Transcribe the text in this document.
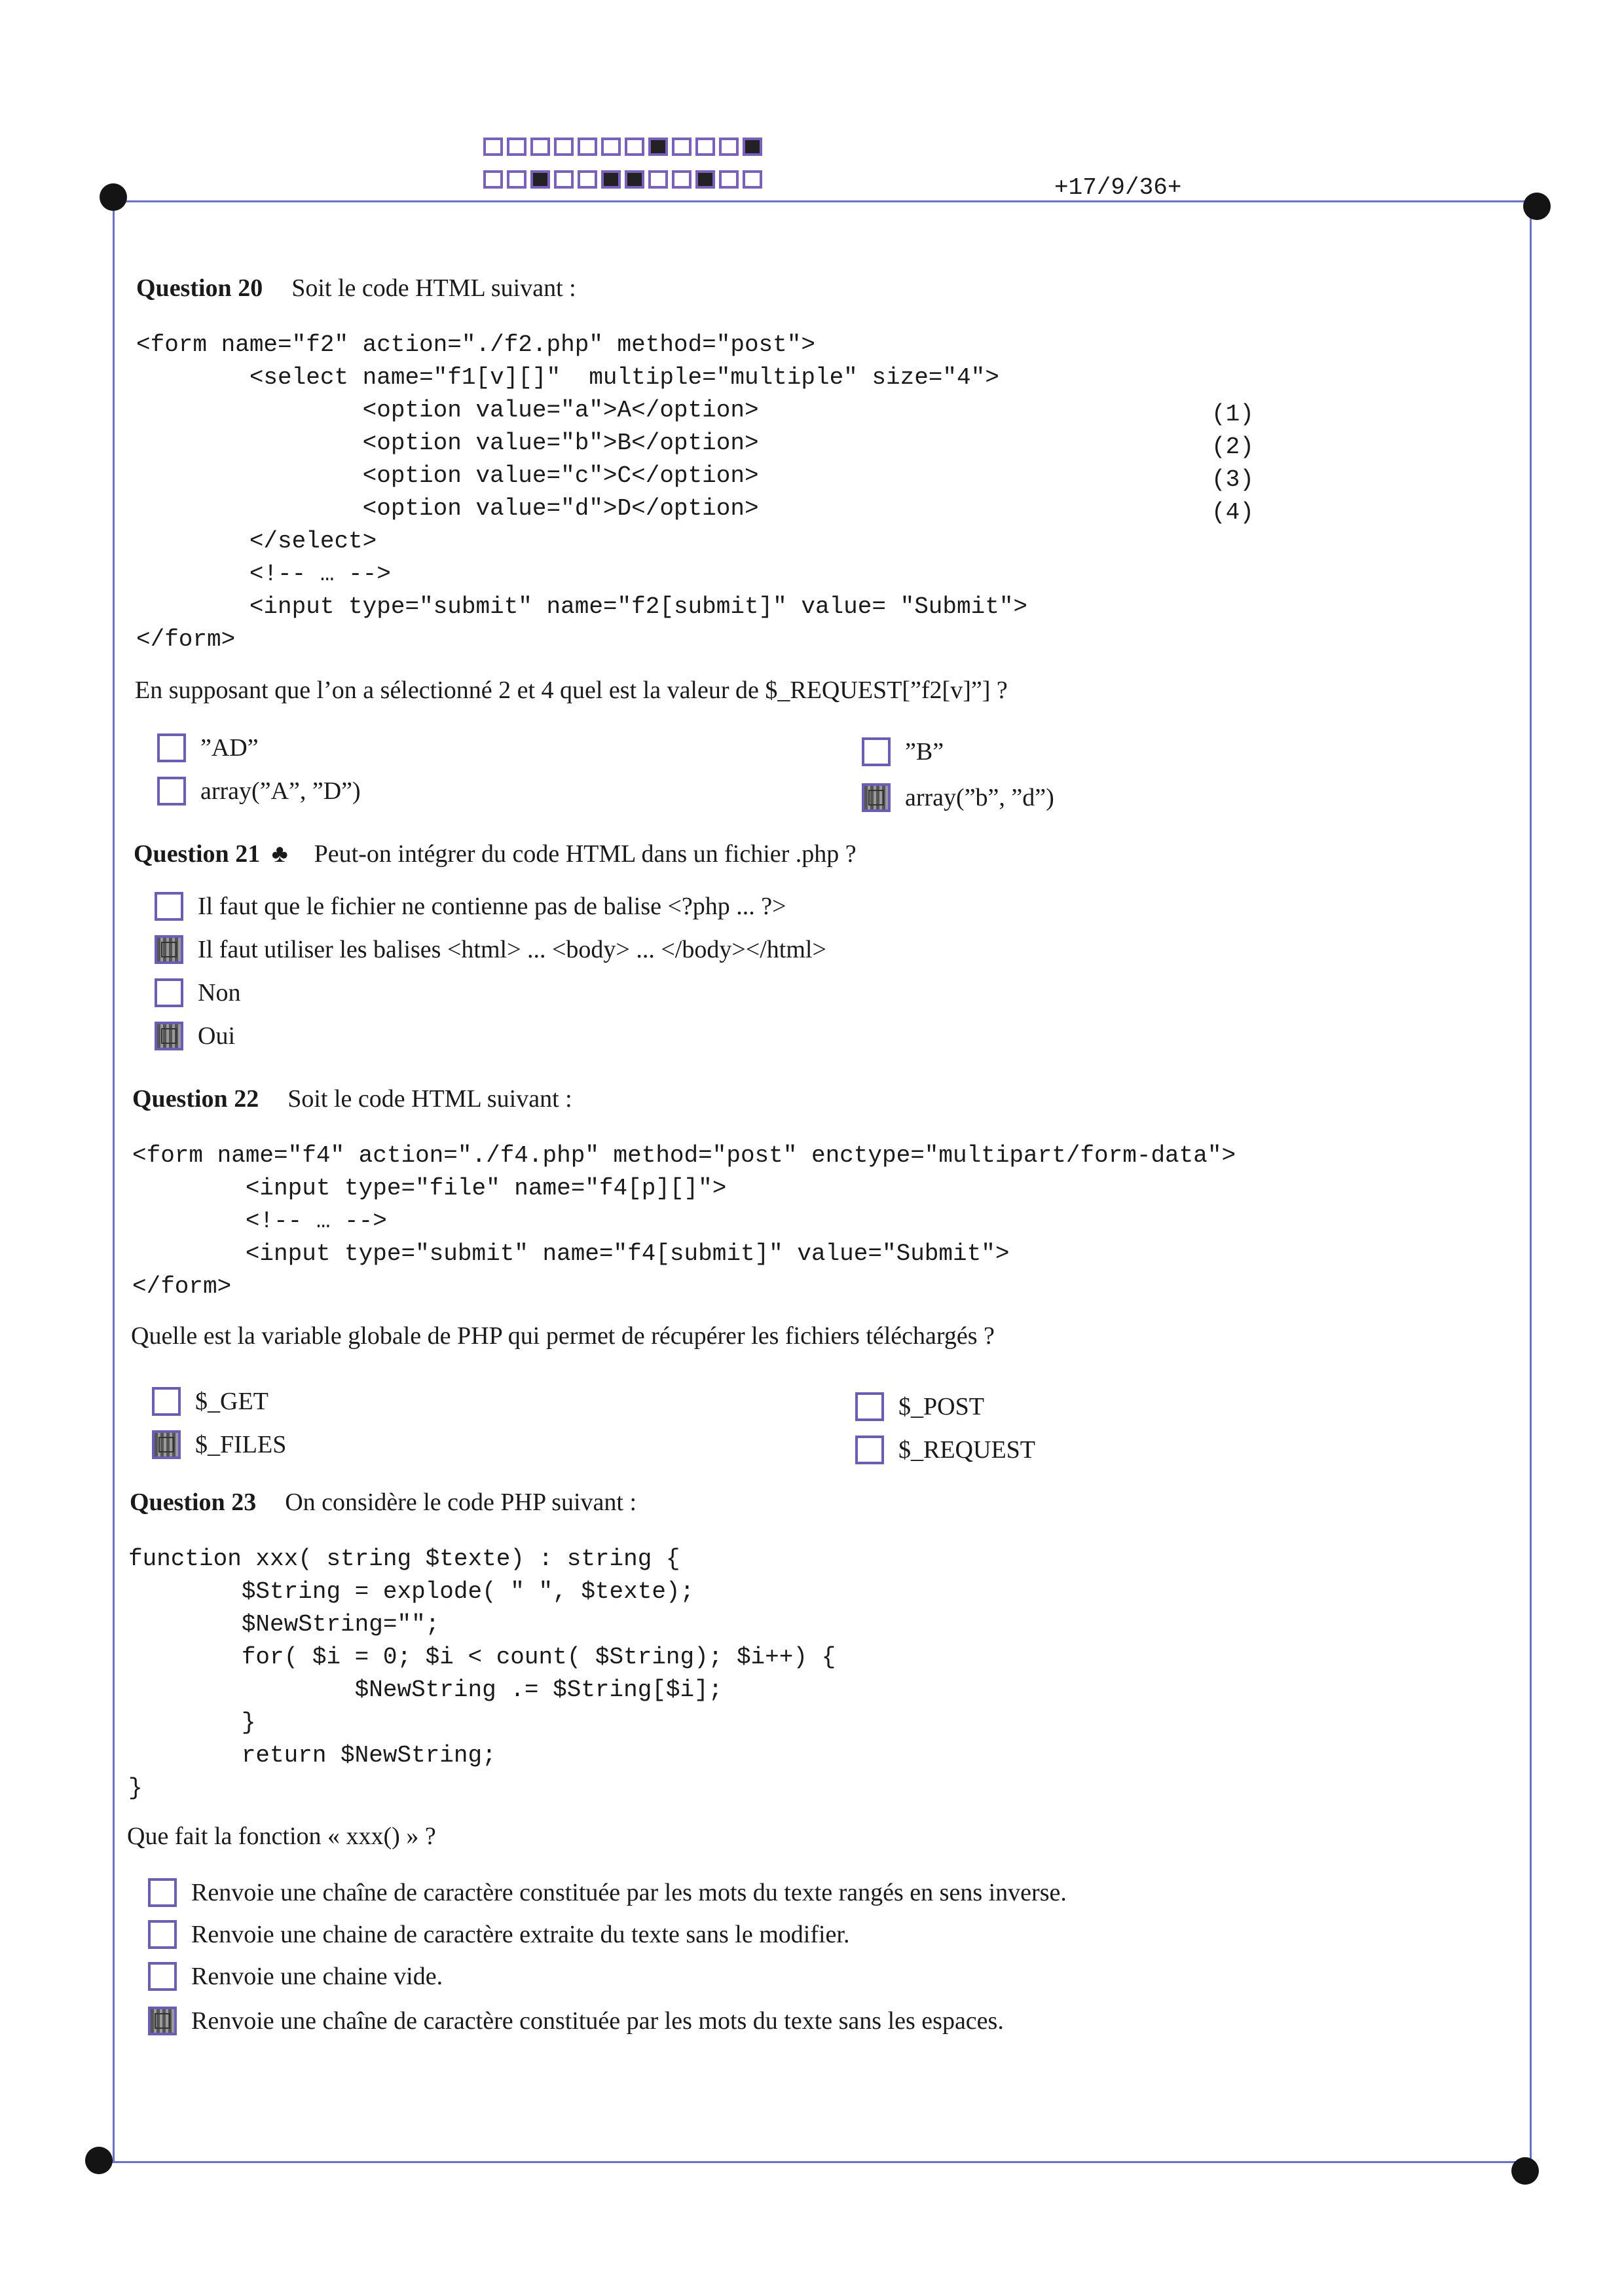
+17/9/36+
Question 20 Soit le code HTML suivant :
<form name="f2" action="./f2.php" method="post">
<select name="f1[v][]"  multiple="multiple" size="4">
<option value="a">A</option>
<option value="b">B</option>
<option value="c">C</option>
<option value="d">D</option>
</select>
<!-- … -->
<input type="submit" name="f2[submit]" value= "Submit">
</form>
(1)
(2)
(3)
(4)
En supposant que l’on a sélectionné 2 et 4 quel est la valeur de $_REQUEST[”f2[v]”] ?
”AD”
array(”A”, ”D”)
”B”
array(”b”, ”d”)
Question 21 ♣ Peut-on intégrer du code HTML dans un fichier .php ?
Il faut que le fichier ne contienne pas de balise <?php ... ?>
Il faut utiliser les balises <html> ... <body> ... </body></html>
Non
Oui
Question 22 Soit le code HTML suivant :
<form name="f4" action="./f4.php" method="post" enctype="multipart/form-data">
<input type="file" name="f4[p][]">
<!-- … -->
<input type="submit" name="f4[submit]" value="Submit">
</form>
Quelle est la variable globale de PHP qui permet de récupérer les fichiers téléchargés ?
$_GET
$_FILES
$_POST
$_REQUEST
Question 23 On considère le code PHP suivant :
function xxx( string $texte) : string {
$String = explode( " ", $texte);
$NewString="";
for( $i = 0; $i < count( $String); $i++) {
$NewString .= $String[$i];
}
return $NewString;
}
Que fait la fonction « xxx() » ?
Renvoie une chaîne de caractère constituée par les mots du texte rangés en sens inverse.
Renvoie une chaine de caractère extraite du texte sans le modifier.
Renvoie une chaine vide.
Renvoie une chaîne de caractère constituée par les mots du texte sans les espaces.
